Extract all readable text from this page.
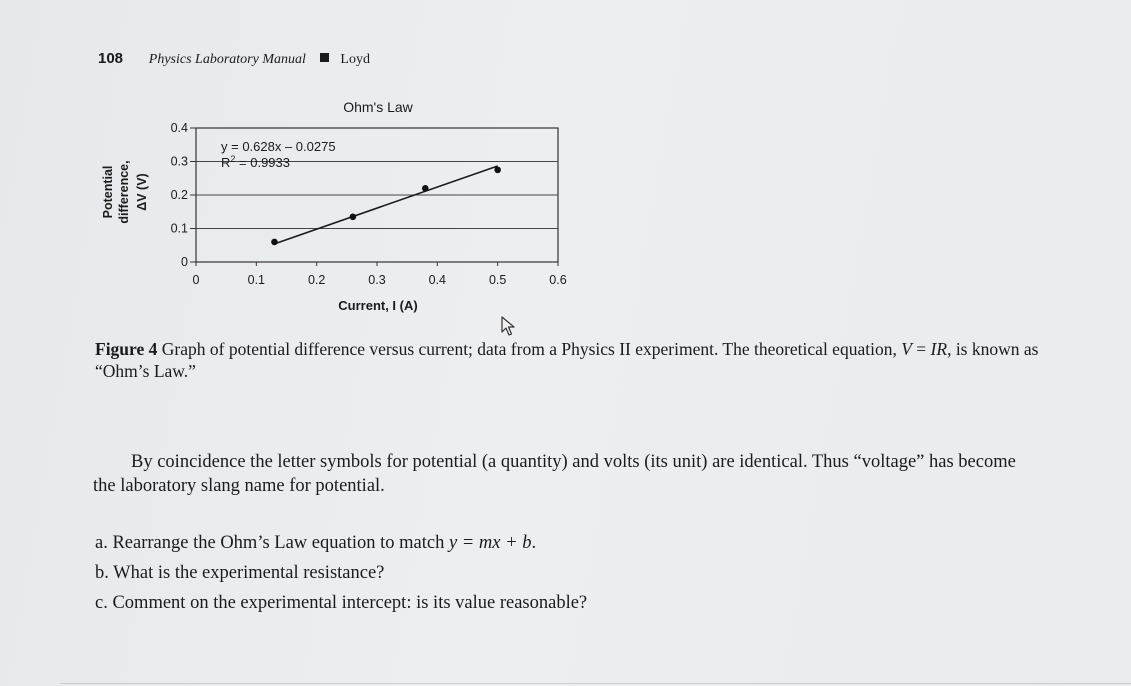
108 Physics Laboratory Manual Loyd
Ohm's Law
Potential difference, ΔV (V)
0
0.1
0.2
0.3
0.4
0	0.1	0.2	0.3	0.4	0.5	0.6
y = 0.628x – 0.0275
$R^2 = 0.9933$
Current, I (A)
Figure 4 Graph of potential difference versus current; data from a Physics II experiment. The theoretical equation, V = IR, is known as “Ohm’s Law.”
By coincidence the letter symbols for potential (a quantity) and volts (its unit) are identical. Thus “voltage” has become the laboratory slang name for potential.
a. Rearrange the Ohm’s Law equation to match y = mx + b.
b. What is the experimental resistance?
c. Comment on the experimental intercept: is its value reasonable?
